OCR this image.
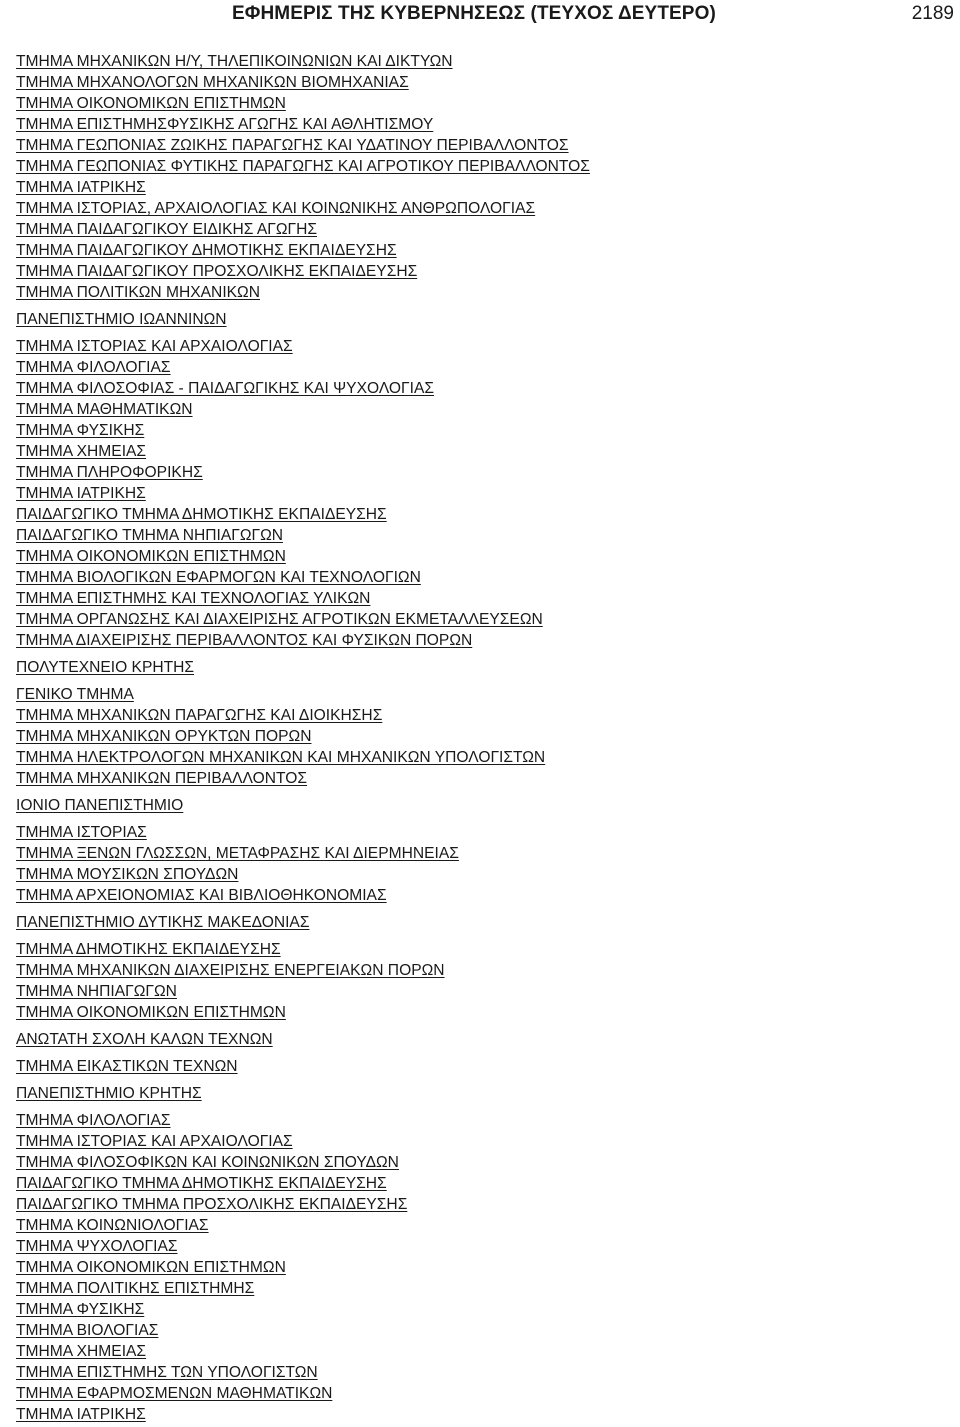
ΕΦΗΜΕΡΙΣ ΤΗΣ ΚΥΒΕΡΝΗΣΕΩΣ (ΤΕΥΧΟΣ ΔΕΥΤΕΡΟ)	2189
ΤΜΗΜΑ ΜΗΧΑΝΙΚΩΝ Η/Υ, ΤΗΛΕΠΙΚΟΙΝΩΝΙΩΝ ΚΑΙ ΔΙΚΤΥΩΝ
ΤΜΗΜΑ ΜΗΧΑΝΟΛΟΓΩΝ ΜΗΧΑΝΙΚΩΝ ΒΙΟΜΗΧΑΝΙΑΣ
ΤΜΗΜΑ ΟΙΚΟΝΟΜΙΚΩΝ ΕΠΙΣΤΗΜΩΝ
ΤΜΗΜΑ ΕΠΙΣΤΗΜΗΣΦΥΣΙΚΗΣ ΑΓΩΓΗΣ ΚΑΙ ΑΘΛΗΤΙΣΜΟΥ
ΤΜΗΜΑ ΓΕΩΠΟΝΙΑΣ ΖΩΙΚΗΣ ΠΑΡΑΓΩΓΗΣ ΚΑΙ ΥΔΑΤΙΝΟΥ ΠΕΡΙΒΑΛΛΟΝΤΟΣ
ΤΜΗΜΑ ΓΕΩΠΟΝΙΑΣ ΦΥΤΙΚΗΣ ΠΑΡΑΓΩΓΗΣ ΚΑΙ ΑΓΡΟΤΙΚΟΥ ΠΕΡΙΒΑΛΛΟΝΤΟΣ
ΤΜΗΜΑ ΙΑΤΡΙΚΗΣ
ΤΜΗΜΑ ΙΣΤΟΡΙΑΣ, ΑΡΧΑΙΟΛΟΓΙΑΣ ΚΑΙ ΚΟΙΝΩΝΙΚΗΣ ΑΝΘΡΩΠΟΛΟΓΙΑΣ
ΤΜΗΜΑ ΠΑΙΔΑΓΩΓΙΚΟΥ ΕΙΔΙΚΗΣ ΑΓΩΓΗΣ
ΤΜΗΜΑ ΠΑΙΔΑΓΩΓΙΚΟΥ ΔΗΜΟΤΙΚΗΣ ΕΚΠΑΙΔΕΥΣΗΣ
ΤΜΗΜΑ ΠΑΙΔΑΓΩΓΙΚΟΥ ΠΡΟΣΧΟΛΙΚΗΣ ΕΚΠΑΙΔΕΥΣΗΣ
ΤΜΗΜΑ ΠΟΛΙΤΙΚΩΝ ΜΗΧΑΝΙΚΩΝ
ΠΑΝΕΠΙΣΤΗΜΙΟ ΙΩΑΝΝΙΝΩΝ
ΤΜΗΜΑ ΙΣΤΟΡΙΑΣ ΚΑΙ ΑΡΧΑΙΟΛΟΓΙΑΣ
ΤΜΗΜΑ ΦΙΛΟΛΟΓΙΑΣ
ΤΜΗΜΑ ΦΙΛΟΣΟΦΙΑΣ - ΠΑΙΔΑΓΩΓΙΚΗΣ ΚΑΙ ΨΥΧΟΛΟΓΙΑΣ
ΤΜΗΜΑ ΜΑΘΗΜΑΤΙΚΩΝ
ΤΜΗΜΑ ΦΥΣΙΚΗΣ
ΤΜΗΜΑ ΧΗΜΕΙΑΣ
ΤΜΗΜΑ ΠΛΗΡΟΦΟΡΙΚΗΣ
ΤΜΗΜΑ ΙΑΤΡΙΚΗΣ
ΠΑΙΔΑΓΩΓΙΚΟ ΤΜΗΜΑ ΔΗΜΟΤΙΚΗΣ ΕΚΠΑΙΔΕΥΣΗΣ
ΠΑΙΔΑΓΩΓΙΚΟ ΤΜΗΜΑ ΝΗΠΙΑΓΩΓΩΝ
ΤΜΗΜΑ ΟΙΚΟΝΟΜΙΚΩΝ ΕΠΙΣΤΗΜΩΝ
ΤΜΗΜΑ ΒΙΟΛΟΓΙΚΩΝ ΕΦΑΡΜΟΓΩΝ ΚΑΙ ΤΕΧΝΟΛΟΓΙΩΝ
ΤΜΗΜΑ ΕΠΙΣΤΗΜΗΣ ΚΑΙ ΤΕΧΝΟΛΟΓΙΑΣ ΥΛΙΚΩΝ
ΤΜΗΜΑ ΟΡΓΑΝΩΣΗΣ ΚΑΙ ΔΙΑΧΕΙΡΙΣΗΣ ΑΓΡΟΤΙΚΩΝ ΕΚΜΕΤΑΛΛΕΥΣΕΩΝ
ΤΜΗΜΑ ΔΙΑΧΕΙΡΙΣΗΣ ΠΕΡΙΒΑΛΛΟΝΤΟΣ ΚΑΙ ΦΥΣΙΚΩΝ ΠΟΡΩΝ
ΠΟΛΥΤΕΧΝΕΙΟ ΚΡΗΤΗΣ
ΓΕΝΙΚΟ ΤΜΗΜΑ
ΤΜΗΜΑ ΜΗΧΑΝΙΚΩΝ ΠΑΡΑΓΩΓΗΣ ΚΑΙ ΔΙΟΙΚΗΣΗΣ
ΤΜΗΜΑ ΜΗΧΑΝΙΚΩΝ ΟΡΥΚΤΩΝ ΠΟΡΩΝ
ΤΜΗΜΑ ΗΛΕΚΤΡΟΛΟΓΩΝ ΜΗΧΑΝΙΚΩΝ ΚΑΙ ΜΗΧΑΝΙΚΩΝ ΥΠΟΛΟΓΙΣΤΩΝ
ΤΜΗΜΑ ΜΗΧΑΝΙΚΩΝ ΠΕΡΙΒΑΛΛΟΝΤΟΣ
ΙΟΝΙΟ ΠΑΝΕΠΙΣΤΗΜΙΟ
ΤΜΗΜΑ ΙΣΤΟΡΙΑΣ
ΤΜΗΜΑ ΞΕΝΩΝ ΓΛΩΣΣΩΝ, ΜΕΤΑΦΡΑΣΗΣ ΚΑΙ ΔΙΕΡΜΗΝΕΙΑΣ
ΤΜΗΜΑ ΜΟΥΣΙΚΩΝ ΣΠΟΥΔΩΝ
ΤΜΗΜΑ ΑΡΧΕΙΟΝΟΜΙΑΣ ΚΑΙ ΒΙΒΛΙΟΘΗΚΟΝΟΜΙΑΣ
ΠΑΝΕΠΙΣΤΗΜΙΟ ΔΥΤΙΚΗΣ ΜΑΚΕΔΟΝΙΑΣ
ΤΜΗΜΑ ΔΗΜΟΤΙΚΗΣ ΕΚΠΑΙΔΕΥΣΗΣ
ΤΜΗΜΑ ΜΗΧΑΝΙΚΩΝ ΔΙΑΧΕΙΡΙΣΗΣ ΕΝΕΡΓΕΙΑΚΩΝ ΠΟΡΩΝ
ΤΜΗΜΑ ΝΗΠΙΑΓΩΓΩΝ
ΤΜΗΜΑ ΟΙΚΟΝΟΜΙΚΩΝ ΕΠΙΣΤΗΜΩΝ
ΑΝΩΤΑΤΗ ΣΧΟΛΗ ΚΑΛΩΝ ΤΕΧΝΩΝ
ΤΜΗΜΑ ΕΙΚΑΣΤΙΚΩΝ ΤΕΧΝΩΝ
ΠΑΝΕΠΙΣΤΗΜΙΟ ΚΡΗΤΗΣ
ΤΜΗΜΑ ΦΙΛΟΛΟΓΙΑΣ
ΤΜΗΜΑ ΙΣΤΟΡΙΑΣ ΚΑΙ ΑΡΧΑΙΟΛΟΓΙΑΣ
ΤΜΗΜΑ ΦΙΛΟΣΟΦΙΚΩΝ ΚΑΙ ΚΟΙΝΩΝΙΚΩΝ ΣΠΟΥΔΩΝ
ΠΑΙΔΑΓΩΓΙΚΟ ΤΜΗΜΑ ΔΗΜΟΤΙΚΗΣ ΕΚΠΑΙΔΕΥΣΗΣ
ΠΑΙΔΑΓΩΓΙΚΟ ΤΜΗΜΑ ΠΡΟΣΧΟΛΙΚΗΣ ΕΚΠΑΙΔΕΥΣΗΣ
ΤΜΗΜΑ ΚΟΙΝΩΝΙΟΛΟΓΙΑΣ
ΤΜΗΜΑ ΨΥΧΟΛΟΓΙΑΣ
ΤΜΗΜΑ ΟΙΚΟΝΟΜΙΚΩΝ ΕΠΙΣΤΗΜΩΝ
ΤΜΗΜΑ ΠΟΛΙΤΙΚΗΣ ΕΠΙΣΤΗΜΗΣ
ΤΜΗΜΑ ΦΥΣΙΚΗΣ
ΤΜΗΜΑ ΒΙΟΛΟΓΙΑΣ
ΤΜΗΜΑ ΧΗΜΕΙΑΣ
ΤΜΗΜΑ ΕΠΙΣΤΗΜΗΣ ΤΩΝ ΥΠΟΛΟΓΙΣΤΩΝ
ΤΜΗΜΑ ΕΦΑΡΜΟΣΜΕΝΩΝ ΜΑΘΗΜΑΤΙΚΩΝ
ΤΜΗΜΑ ΙΑΤΡΙΚΗΣ
